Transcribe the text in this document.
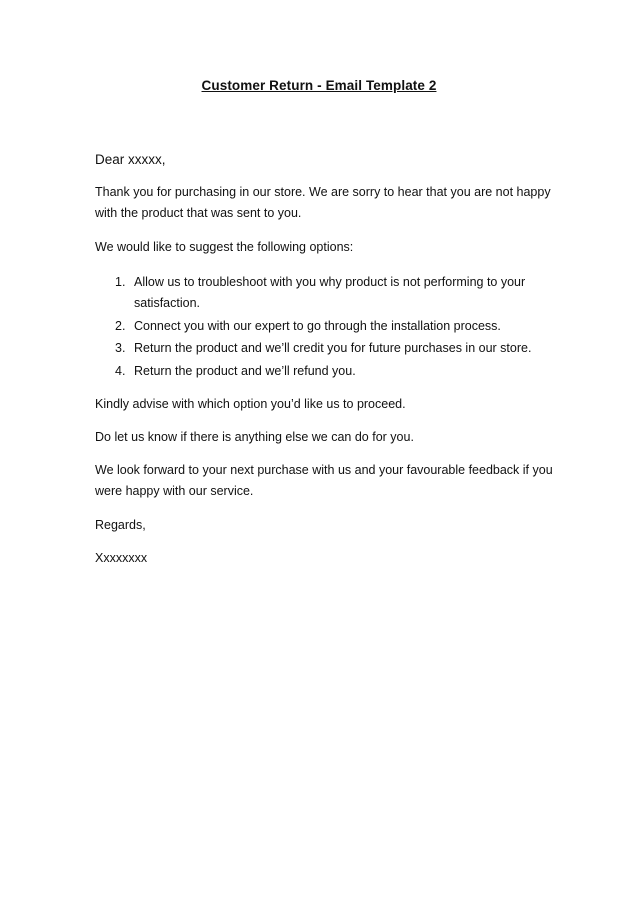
Customer Return - Email Template 2
Dear xxxxx,
Thank you for purchasing in our store. We are sorry to hear that you are not happy with the product that was sent to you.
We would like to suggest the following options:
1. Allow us to troubleshoot with you why product is not performing to your satisfaction.
2. Connect you with our expert to go through the installation process.
3. Return the product and we’ll credit you for future purchases in our store.
4. Return the product and we’ll refund you.
Kindly advise with which option you’d like us to proceed.
Do let us know if there is anything else we can do for you.
We look forward to your next purchase with us and your favourable feedback if you were happy with our service.
Regards,
Xxxxxxxx
